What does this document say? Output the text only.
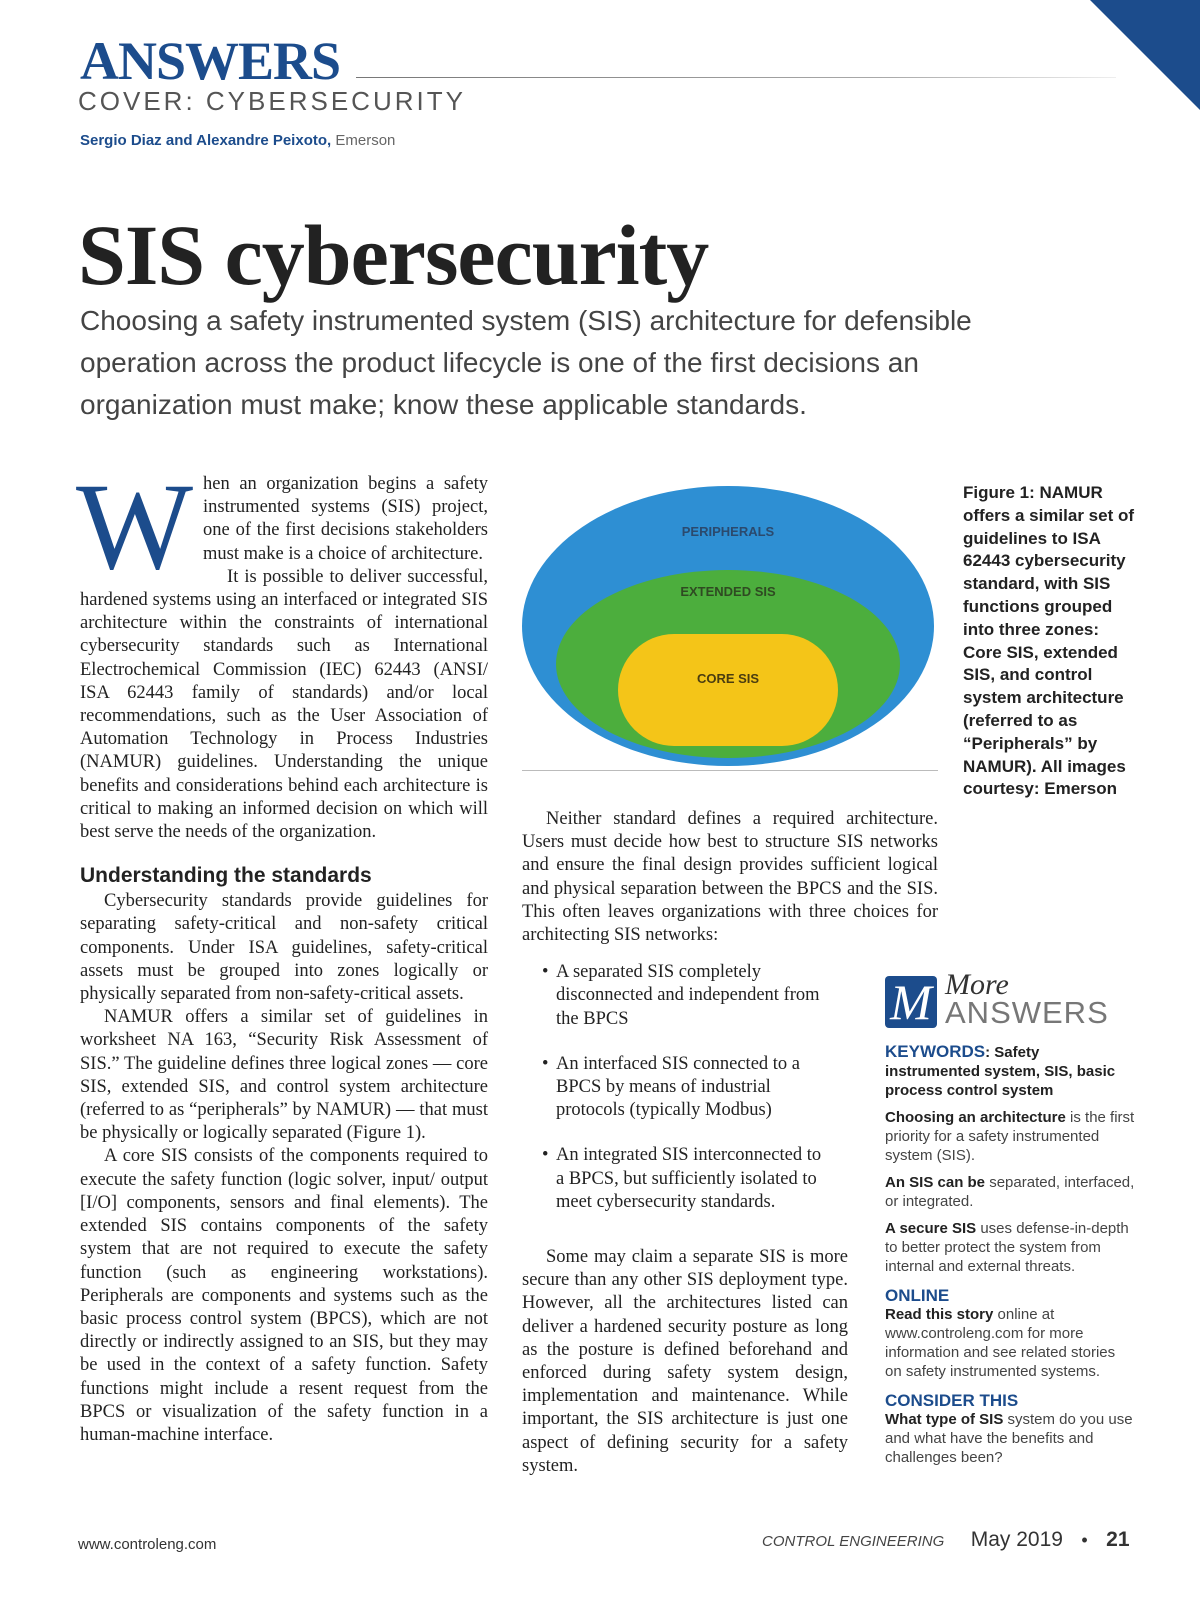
ANSWERS
COVER: CYBERSECURITY
Sergio Diaz and Alexandre Peixoto, Emerson
SIS cybersecurity
Choosing a safety instrumented system (SIS) architecture for defensible operation across the product lifecycle is one of the first decisions an organization must make; know these applicable standards.

When an organization begins a safety instrumented systems (SIS) project, one of the first decisions stakeholders must make is a choice of architecture.

It is possible to deliver successful, hardened systems using an interfaced or integrated SIS architecture within the constraints of international cybersecurity standards such as International Electrochemical Commission (IEC) 62443 (ANSI/ ISA 62443 family of standards) and/or local recommendations, such as the User Association of Automation Technology in Process Industries (NAMUR) guidelines. Understanding the unique benefits and considerations behind each architecture is critical to making an informed decision on which will best serve the needs of the organization.

Understanding the standards

Cybersecurity standards provide guidelines for separating safety-critical and non-safety critical components. Under ISA guidelines, safety-critical assets must be grouped into zones logically or physically separated from non-safety-critical assets.

NAMUR offers a similar set of guidelines in worksheet NA 163, “Security Risk Assessment of SIS.” The guideline defines three logical zones — core SIS, extended SIS, and control system architecture (referred to as “peripherals” by NAMUR) — that must be physically or logically separated (Figure 1).

A core SIS consists of the components required to execute the safety function (logic solver, input/ output [I/O] components, sensors and final elements). The extended SIS contains components of the safety system that are not required to execute the safety function (such as engineering workstations). Peripherals are components and systems such as the basic process control system (BPCS), which are not directly or indirectly assigned to an SIS, but they may be used in the context of a safety function. Safety functions might include a resent request from the BPCS or visualization of the safety function in a human-machine interface.

PERIPHERALS
EXTENDED SIS
CORE SIS
Figure 1: NAMUR offers a similar set of guidelines to ISA 62443 cybersecurity standard, with SIS functions grouped into three zones: Core SIS, extended SIS, and control system architecture (referred to as “Peripherals” by NAMUR). All images courtesy: Emerson

Neither standard defines a required architecture. Users must decide how best to structure SIS networks and ensure the final design provides sufficient logical and physical separation between the BPCS and the SIS. This often leaves organizations with three choices for architecting SIS networks:

• A separated SIS completely disconnected and independent from the BPCS
• An interfaced SIS connected to a BPCS by means of industrial protocols (typically Modbus)
• An integrated SIS interconnected to a BPCS, but sufficiently isolated to meet cybersecurity standards.

Some may claim a separate SIS is more secure than any other SIS deployment type. However, all the architectures listed can deliver a hardened security posture as long as the posture is defined beforehand and enforced during safety system design, implementation and maintenance. While important, the SIS architecture is just one aspect of defining security for a safety system.

M More
ANSWERS
KEYWORDS: Safety instrumented system, SIS, basic process control system
Choosing an architecture is the first priority for a safety instrumented system (SIS).
An SIS can be separated, interfaced, or integrated.
A secure SIS uses defense-in-depth to better protect the system from internal and external threats.
ONLINE
Read this story online at www.controleng.com for more information and see related stories on safety instrumented systems.
CONSIDER THIS
What type of SIS system do you use and what have the benefits and challenges been?
www.controleng.com	CONTROL ENGINEERING May 2019 • 21
